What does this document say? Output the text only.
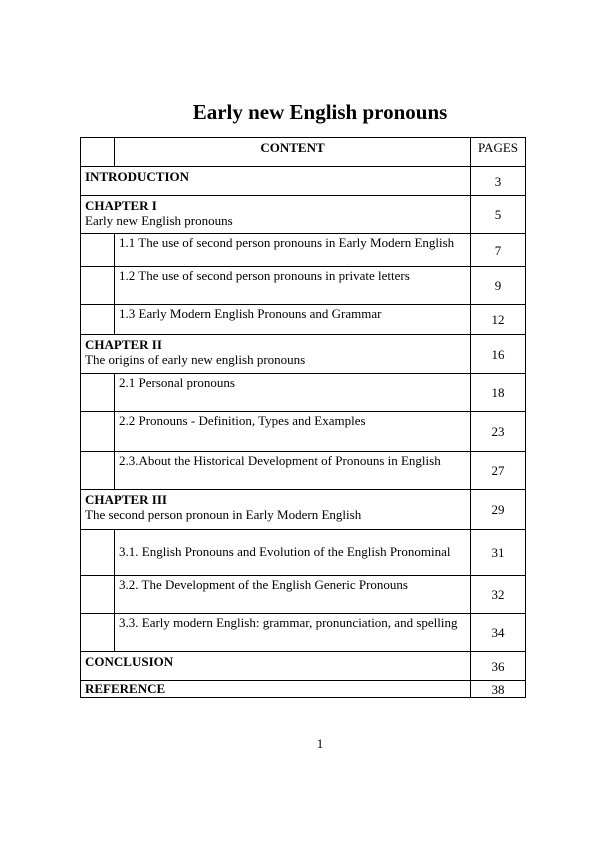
Early new English pronouns
	CONTENT	PAGES

INTRODUCTION		3

CHAPTER I
Early new English pronouns		5
	1.1 The use of second person pronouns in Early Modern English	7
	1.2 The use of second person pronouns in private letters	9
	1.3 Early Modern English Pronouns and Grammar	12

CHAPTER II
The origins of early new english pronouns		16
	2.1 Personal pronouns	18
	2.2 Pronouns - Definition, Types and Examples	23
	2.3.About the Historical Development of Pronouns in English	27

CHAPTER III
The second person pronoun in Early Modern English		29
	3.1. English Pronouns and Evolution of the English Pronominal	31
	3.2. The Development of the English Generic Pronouns	32
	3.3. Early modern English: grammar, pronunciation, and spelling	34

CONCLUSION		36

REFERENCE		38
1
